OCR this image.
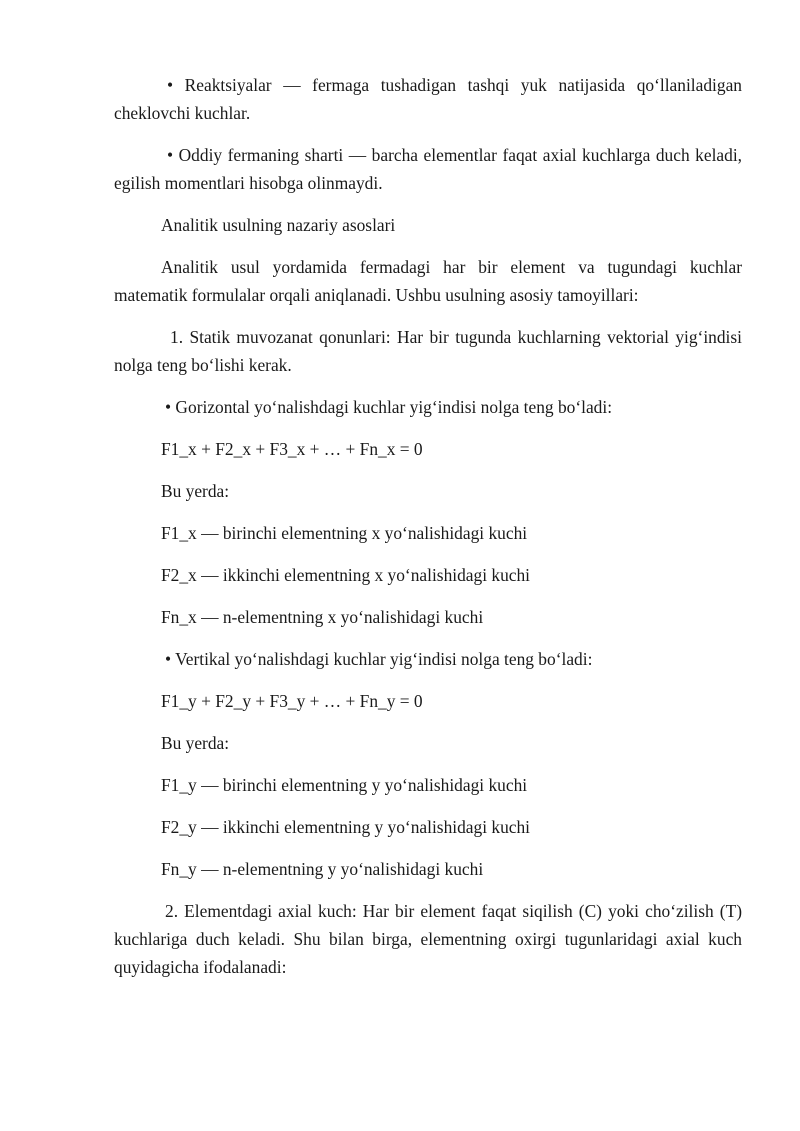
• Reaktsiyalar — fermaga tushadigan tashqi yuk natijasida qo‘llaniladigan cheklovchi kuchlar.

• Oddiy fermaning sharti — barcha elementlar faqat axial kuchlarga duch keladi, egilish momentlari hisobga olinmaydi.

Analitik usulning nazariy asoslari

Analitik usul yordamida fermadagi har bir element va tugundagi kuchlar matematik formulalar orqali aniqlanadi. Ushbu usulning asosiy tamoyillari:

1. Statik muvozanat qonunlari: Har bir tugunda kuchlarning vektorial yig‘indisi nolga teng bo‘lishi kerak.

• Gorizontal yo‘nalishdagi kuchlar yig‘indisi nolga teng bo‘ladi:
F1_x + F2_x + F3_x + … + Fn_x = 0
Bu yerda:
F1_x — birinchi elementning x yo‘nalishidagi kuchi
F2_x — ikkinchi elementning x yo‘nalishidagi kuchi
Fn_x — n-elementning x yo‘nalishidagi kuchi
• Vertikal yo‘nalishdagi kuchlar yig‘indisi nolga teng bo‘ladi:
F1_y + F2_y + F3_y + … + Fn_y = 0
Bu yerda:
F1_y — birinchi elementning y yo‘nalishidagi kuchi
F2_y — ikkinchi elementning y yo‘nalishidagi kuchi
Fn_y — n-elementning y yo‘nalishidagi kuchi

2. Elementdagi axial kuch: Har bir element faqat siqilish (C) yoki cho‘zilish (T) kuchlariga duch keladi. Shu bilan birga, elementning oxirgi tugunlaridagi axial kuch quyidagicha ifodalanadi:
